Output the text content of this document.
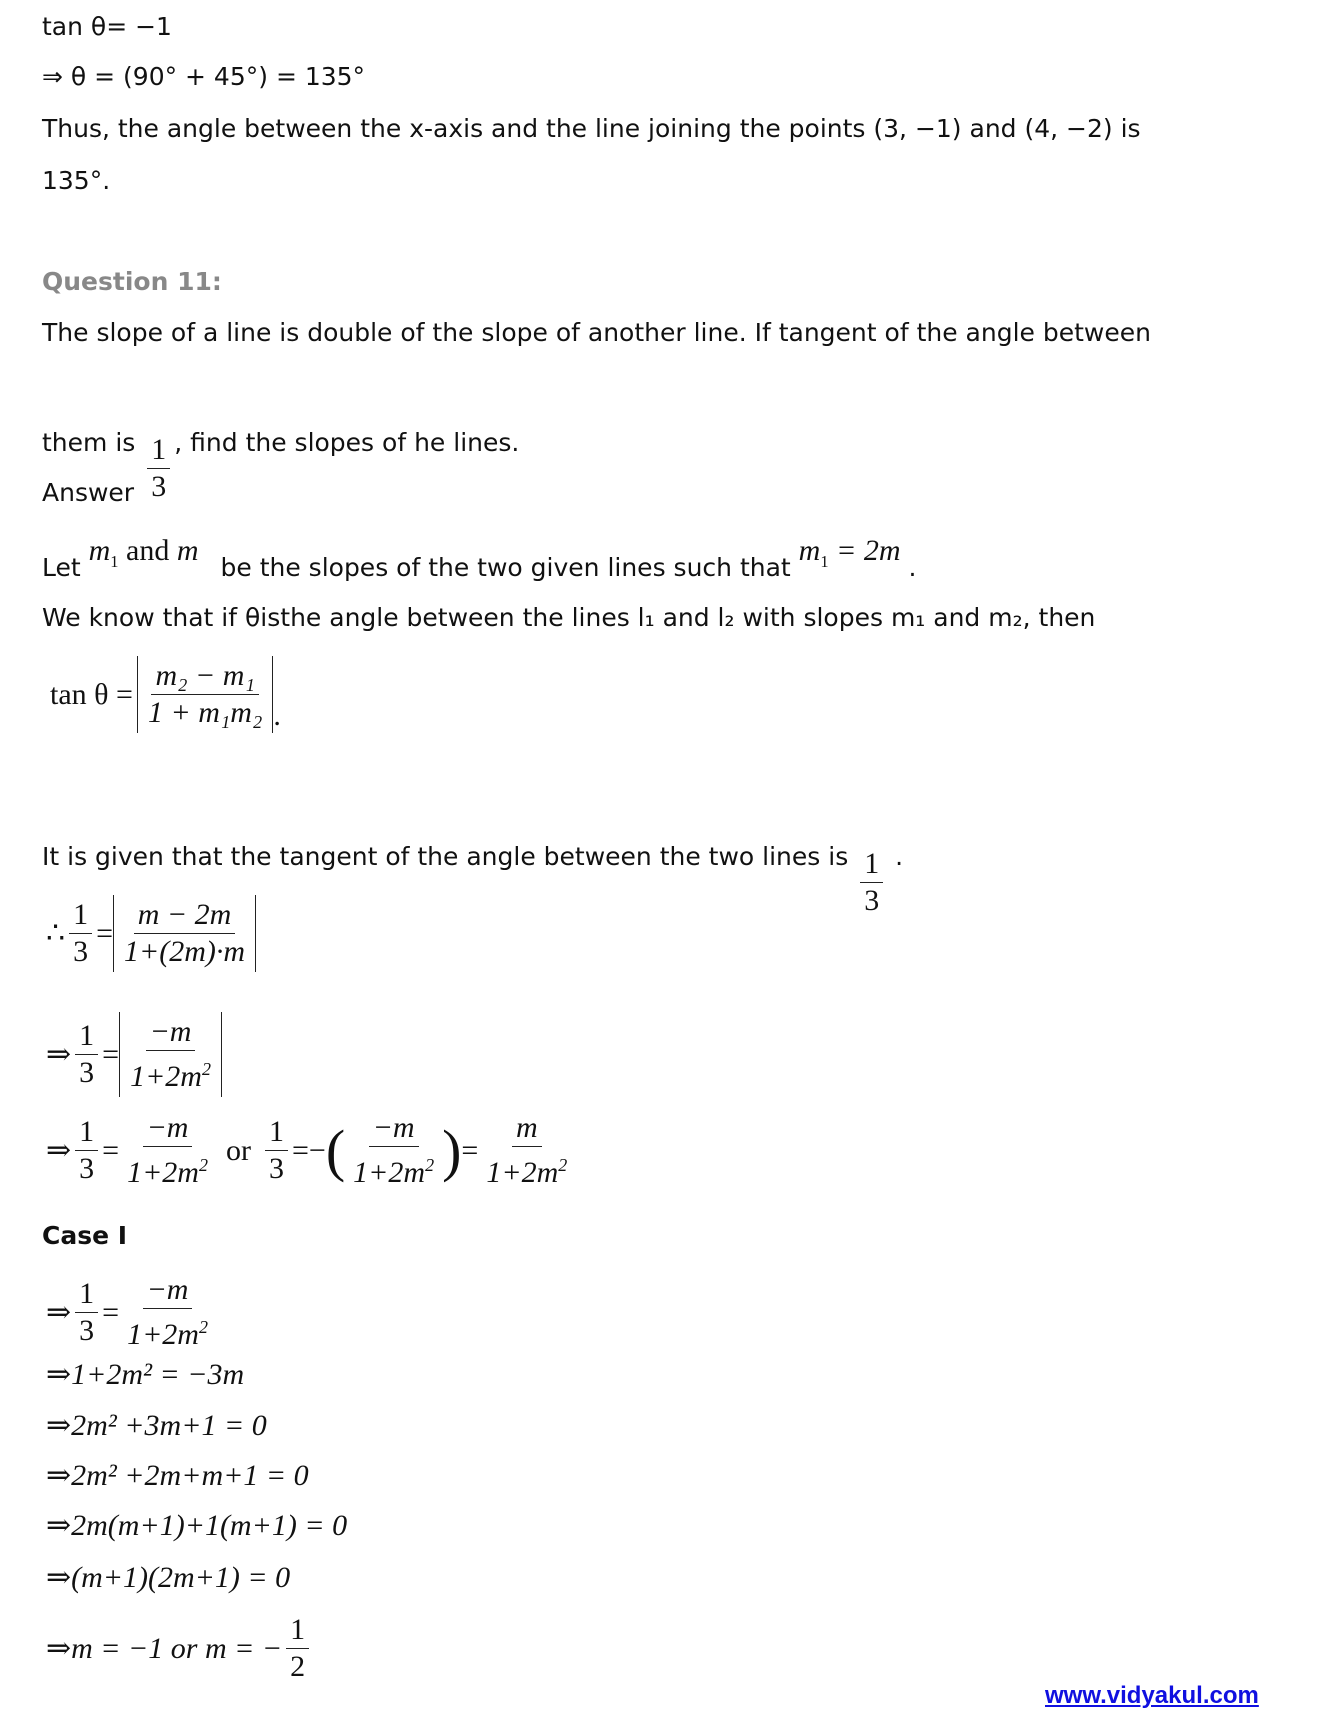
tan θ= −1
⇒ θ = (90° + 45°) = 135°
Thus, the angle between the x-axis and the line joining the points (3, −1) and (4, −2) is
135°.
Question 11:
The slope of a line is double of the slope of another line. If tangent of the angle between
them is $\frac{1}{3}$ , find the slopes of he lines.
Answer
Let $m_1$ and m be the slopes of the two given lines such that $m_1 = 2m$ .
We know that if θisthe angle between the lines l₁ and l₂ with slopes m₁ and m₂, then
$\tan \theta = \frac{\text{m₂ − m₁}}{\text{1 + m₁m₂}}$ .
It is given that the tangent of the angle between the two lines is $\frac{1}{3}$ .
∴ $\frac{1}{3} = \frac{m - 2m}{1+(2m)\cdot m}$
⇒ $\frac{1}{3} = \frac{-m}{1+2m^2}$
⇒ $\frac{1}{3} = \frac{-m}{1+2m^2}$ or $\frac{1}{3}$ = − ( $\frac{-m}{1+2m^2}$ ) = $\frac{m}{1+2m^2}$
Case I
⇒ $\frac{1}{3} = \frac{-m}{1+2m^2}$
⇒ 1+2m² = −3m
⇒ 2m² +3m+1 = 0
⇒ 2m² +2m+m+1 = 0
⇒ 2m(m+1)+1(m+1) = 0
⇒ (m+1)(2m+1) = 0
⇒ m = −1 or m = − $\frac{1}{2}$
www.vidyakul.com
